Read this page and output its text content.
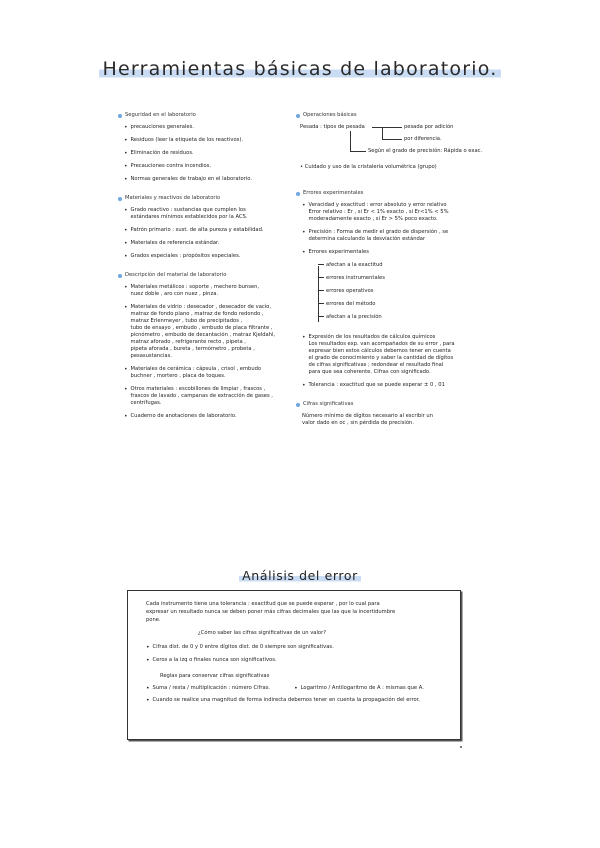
Herramientas básicas de laboratorio.
Seguridad en el laboratorio
• precauciones generales.
• Residuos (leer la etiqueta de los reactivos).
• Eliminación de residuos.
• Precauciones contra incendios.
• Normas generales de trabajo en el laboratorio.
Materiales y reactivos de laboratorio
• Grado reactivo : sustancias que cumplen los
estándares mínimos establecidos por la ACS.
• Patrón primario : sust. de alta pureza y estabilidad.
• Materiales de referencia estándar.
• Grados especiales : propósitos especiales.
Descripción del material de laboratorio
• Materiales metálicos : soporte , mechero bunsen,
nuez doble , aro con nuez , pinza.
• Materiales de vidrio : desecador , desecador de vacío,
matraz de fondo plano , matraz de fondo redondo ,
matraz Erlenmeyer , tubo de precipitados ,
tubo de ensayo , embudo , embudo de placa filtrante ,
picnómetro , embudo de decantación , matraz Kjeldahl,
matraz aforado , refrigerante recto , pipeta ,
pipeta aforada , bureta , termómetro , probeta ,
pesasustancias.
• Materiales de cerámica : cápsula , crisol , embudo
buchner , mortero , placa de toques.
• Otros materiales : escobillones de limpiar , frascos ,
frascos de lavado , campanas de extracción de gases ,
centrífugas.
• Cuaderno de anotaciones de laboratorio.
Operaciones básicas
Pesada : tipos de pesada	pesada por adición
por diferencia.
Según el grado de precisión: Rápida o exac.
• Cuidado y uso de la cristalería volumétrica (grupo)
Errores experimentales
• Veracidad y exactitud : error absoluto y error relativo
Error relativo : Er , si Er < 1% exacto , si Er<1% < 5%
moderadamente exacto , si Er > 5% poco exacto.
• Precisión : Forma de medir el grado de dispersión , se
determina calculando la desviación estándar
• Errores experimentales
afectan a la exactitud
errores instrumentales
errores operativos
errores del método
afectan a la precisión
• Expresión de los resultados de cálculos químicos
Los resultados exp. van acompañados de su error , para
expresar bien estos cálculos debemos tener en cuenta
el grado de conocimiento y saber la cantidad de dígitos
de cifras significativas ; redondear el resultado final
para que sea coherente. Cifras con significado.
• Tolerancia : exactitud que se puede esperar ± 0 , 01
Cifras significativas
Número mínimo de dígitos necesario al escribir un
valor dado en oc , sin pérdida de precisión.
Análisis del error

Cada instrumento tiene una tolerancia : exactitud que se puede esperar , por lo cual para
expresar un resultado nunca se deben poner más cifras decimales que las que la incertidumbre
pone.

¿Cómo saber las cifras significativas de un valor?

• Cifras dist. de 0 y 0 entre dígitos dist. de 0 siempre son significativas.
• Ceros a la izq o finales nunca son significativos.
Reglas para conservar cifras significativas
• Suma / resta / multiplicación : número Cifras.
•	Logaritmo / Antilogaritmo de A : mismas que A.
• Cuando se realice una magnitud de forma indirecta debemos tener en cuenta la propagación del error.
